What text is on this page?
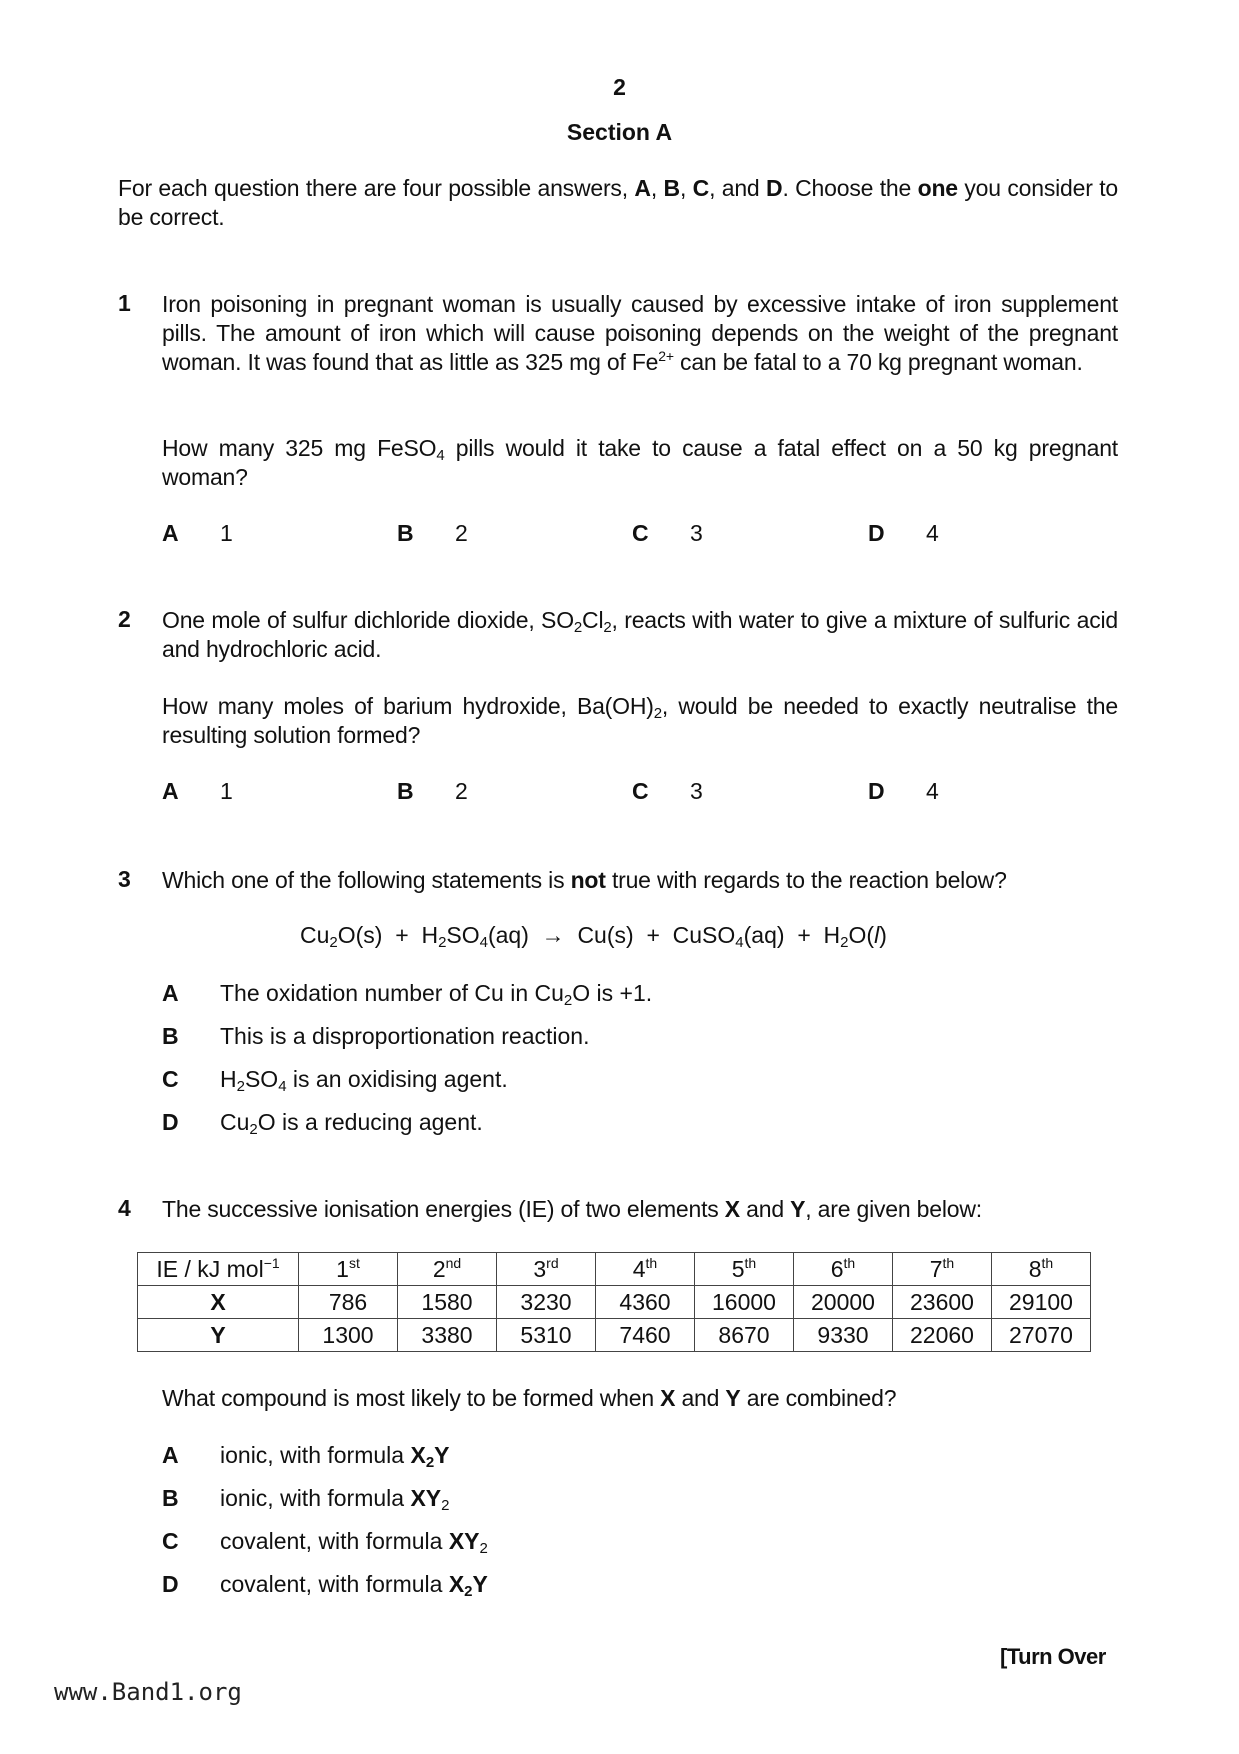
2
Section A
For each question there are four possible answers, A, B, C, and D. Choose the one you consider to be correct.
1 Iron poisoning in pregnant woman is usually caused by excessive intake of iron supplement pills. The amount of iron which will cause poisoning depends on the weight of the pregnant woman. It was found that as little as 325 mg of $Fe^{2+}$ can be fatal to a 70 kg pregnant woman.
How many 325 mg FeSO$_4$ pills would it take to cause a fatal effect on a 50 kg pregnant woman?
A 1	B 2	C 3	D 4
2 One mole of sulfur dichloride dioxide, $SO_2Cl_2$, reacts with water to give a mixture of sulfuric acid and hydrochloric acid.
How many moles of barium hydroxide, $Ba(OH)_2$, would be needed to exactly neutralise the resulting solution formed?
A 1	B 2	C 3	D 4
3 Which one of the following statements is not true with regards to the reaction below?
$Cu_2O(s) + H_2SO_4(aq) \to Cu(s)$  +  CuSO$_4$(aq)  +  $H_2O(l)$
A The oxidation number of Cu in $Cu_2O$ is +1.
B This is a disproportionation reaction.
C $H_2SO_4$ is an oxidising agent.
D $Cu_2O$ is a reducing agent.
4 The successive ionisation energies (IE) of two elements X and Y, are given below:
IE / kJ mol$^{-1}$	1st	2nd	3rd	4th	5th	6th	7th	8th
X	786	1580	3230	4360	16000	20000	23600	29100
Y	1300	3380	5310	7460	8670	9330	22060	27070
What compound is most likely to be formed when X and Y are combined?
A ionic, with formula $X_2Y$
B ionic, with formula $XY_2$
C covalent, with formula $XY_2$
D covalent, with formula $X_2Y$
[Turn Over
www.Band1.org
